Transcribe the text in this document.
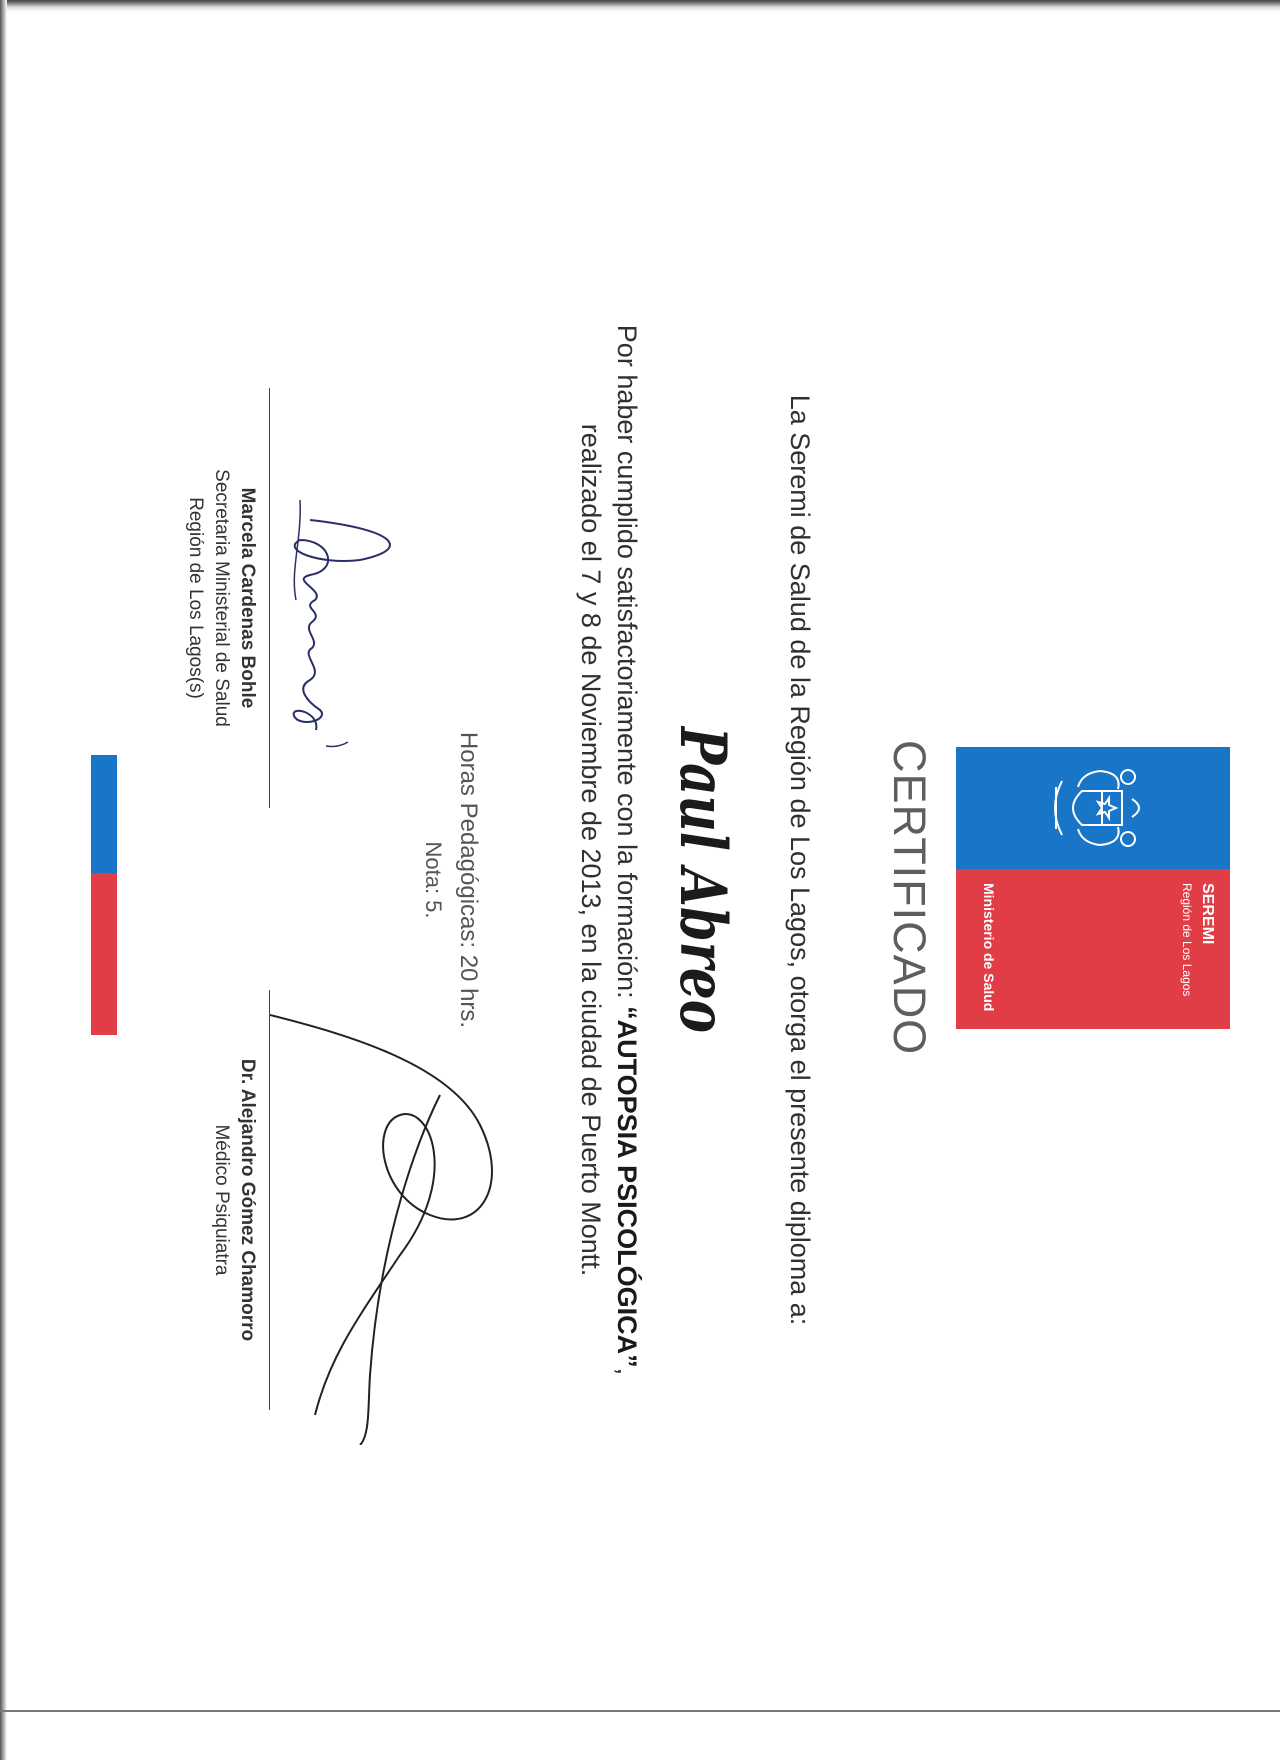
SEREMI
Región de Los Lagos
Ministerio de Salud
CERTIFICADO
La Seremi de Salud de la Región de Los Lagos, otorga el presente diploma a:
Paul Abreo
Por haber cumplido satisfactoriamente con la formación: “AUTOPSIA PSICOLÓGICA”,
realizado el 7 y 8 de Noviembre de 2013, en la ciudad de Puerto Montt.
Horas Pedagógicas: 20 hrs.
Nota: 5.
Marcela Cardenas Bohle
Secretaria Ministerial de Salud
Región de Los Lagos(s)
Dr. Alejandro Gómez Chamorro
Médico Psiquiatra
